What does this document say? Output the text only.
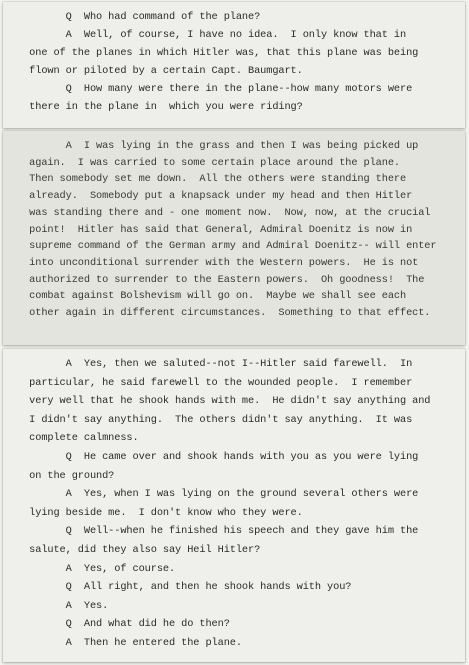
Q  Who had command of the plane?

A  Well, of course, I have no idea.  I only know that in

one of the planes in which Hitler was, that this plane was being

flown or piloted by a certain Capt. Baumgart.

Q  How many were there in the plane--how many motors were

there in the plane in  which you were riding?

A  I was lying in the grass and then I was being picked up

again.  I was carried to some certain place around the plane.

Then somebody set me down.  All the others were standing there

already.  Somebody put a knapsack under my head and then Hitler

was standing there and - one moment now.  Now, now, at the crucial

point!  Hitler has said that General, Admiral Doenitz is now in

supreme command of the German army and Admiral Doenitz-- will enter

into unconditional surrender with the Western powers.  He is not

authorized to surrender to the Eastern powers.  Oh goodness!  The

combat against Bolshevism will go on.  Maybe we shall see each

other again in different circumstances.  Something to that effect.

A  Yes, then we saluted--not I--Hitler said farewell.  In

particular, he said farewell to the wounded people.  I remember

very well that he shook hands with me.  He didn't say anything and

I didn't say anything.  The others didn't say anything.  It was

complete calmness.

Q  He came over and shook hands with you as you were lying

on the ground?

A  Yes, when I was lying on the ground several others were

lying beside me.  I don't know who they were.

Q  Well--when he finished his speech and they gave him the

salute, did they also say Heil Hitler?

A  Yes, of course.

Q  All right, and then he shook hands with you?

A  Yes.

Q  And what did he do then?

A  Then he entered the plane.
